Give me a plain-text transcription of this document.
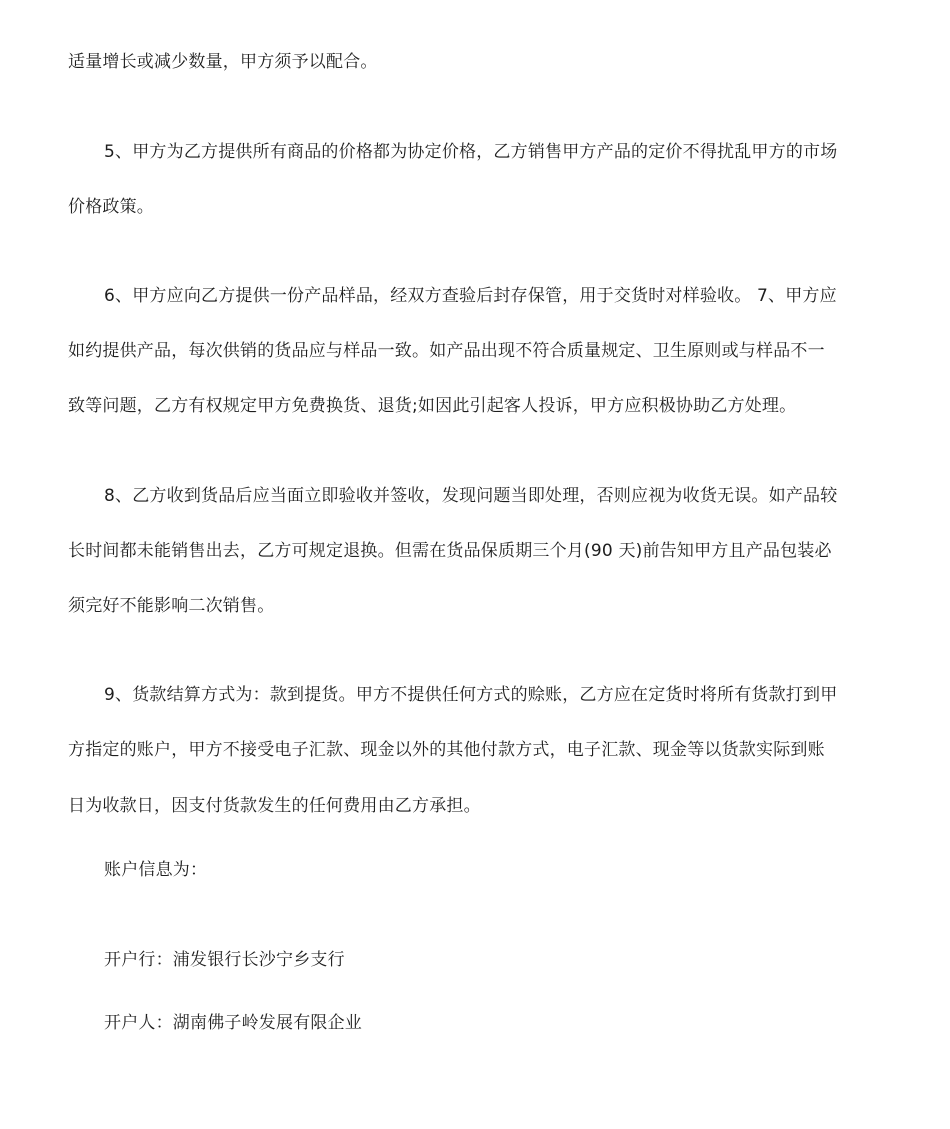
适量增长或减少数量，甲方须予以配合。
5、甲方为乙方提供所有商品的价格都为协定价格，乙方销售甲方产品的定价不得扰乱甲方的市场
价格政策。
6、甲方应向乙方提供一份产品样品，经双方查验后封存保管，用于交货时对样验收。 7、甲方应
如约提供产品，每次供销的货品应与样品一致。如产品出现不符合质量规定、卫生原则或与样品不一
致等问题，乙方有权规定甲方免费换货、退货;如因此引起客人投诉，甲方应积极协助乙方处理。
8、乙方收到货品后应当面立即验收并签收，发现问题当即处理，否则应视为收货无误。如产品较
长时间都未能销售出去，乙方可规定退换。但需在货品保质期三个月(90 天)前告知甲方且产品包装必
须完好不能影响二次销售。
9、货款结算方式为：款到提货。甲方不提供任何方式的赊账，乙方应在定货时将所有货款打到甲
方指定的账户，甲方不接受电子汇款、现金以外的其他付款方式，电子汇款、现金等以货款实际到账
日为收款日，因支付货款发生的任何费用由乙方承担。
账户信息为：
开户行：浦发银行长沙宁乡支行
开户人：湖南佛子岭发展有限企业
